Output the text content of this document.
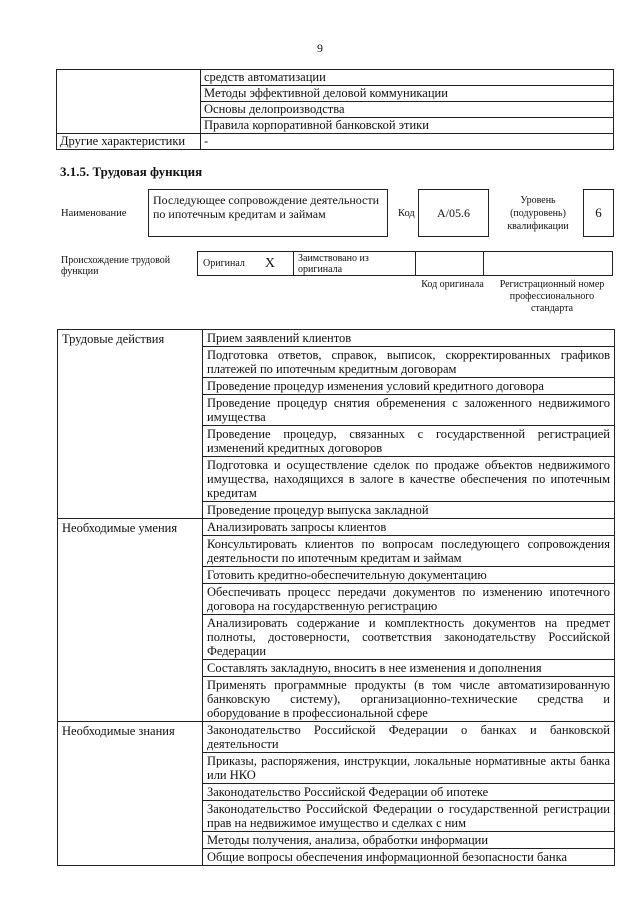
9
	средств автоматизации
	Методы эффективной деловой коммуникации
	Основы делопроизводства
	Правила корпоративной банковской этики
Другие характеристики	-
3.1.5. Трудовая функция
Наименование
Последующее сопровождение деятельности по ипотечным кредитам и займам	Код	А/05.6
Уровень (подуровень) квалификации
6
Происхождение трудовой функции
Оригинал X	Заимствовано из оригинала
Код оригинала	Регистрационный номер профессионального стандарта
Трудовые действия	Прием заявлений клиентов
	Подготовка ответов, справок, выписок, скорректированных графиков платежей по ипотечным кредитным договорам
	Проведение процедур изменения условий кредитного договора
	Проведение процедур снятия обременения с заложенного недвижимого имущества
	Проведение процедур, связанных с государственной регистрацией изменений кредитных договоров
	Подготовка и осуществление сделок по продаже объектов недвижимого имущества, находящихся в залоге в качестве обеспечения по ипотечным кредитам
	Проведение процедур выпуска закладной
Необходимые умения	Анализировать запросы клиентов
	Консультировать клиентов по вопросам последующего сопровождения деятельности по ипотечным кредитам и займам
	Готовить кредитно-обеспечительную документацию
	Обеспечивать процесс передачи документов по изменению ипотечного договора на государственную регистрацию
	Анализировать содержание и комплектность документов на предмет полноты, достоверности, соответствия законодательству Российской Федерации
	Составлять закладную, вносить в нее изменения и дополнения
	Применять программные продукты (в том числе автоматизированную банковскую систему), организационно-технические средства и оборудование в профессиональной сфере
Необходимые знания	Законодательство Российской Федерации о банках и банковской деятельности
	Приказы, распоряжения, инструкции, локальные нормативные акты банка или НКО
	Законодательство Российской Федерации об ипотеке
	Законодательство Российской Федерации о государственной регистрации прав на недвижимое имущество и сделках с ним
	Методы получения, анализа, обработки информации
	Общие вопросы обеспечения информационной безопасности банка
